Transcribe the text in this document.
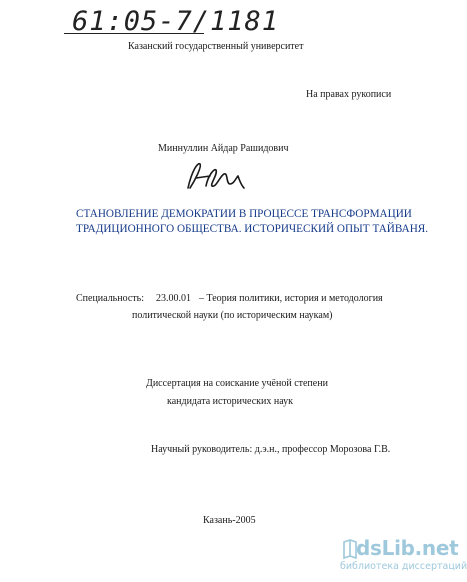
61:05-7/1181
Казанский государственный университет
На правах рукописи
Миннуллин Айдар Рашидович
СТАНОВЛЕНИЕ ДЕМОКРАТИИ В ПРОЦЕССЕ ТРАНСФОРМАЦИИ
ТРАДИЦИОННОГО ОБЩЕСТВА. ИСТОРИЧЕСКИЙ ОПЫТ ТАЙВАНЯ.
Специальность: 23.00.01 – Теория политики, история и методология
политической науки (по историческим наукам)
Диссертация на соискание учёной степени
кандидата исторических наук
Научный руководитель: д.э.н., профессор Морозова Г.В.
Казань-2005
dsLib.net
библиотека диссертаций
